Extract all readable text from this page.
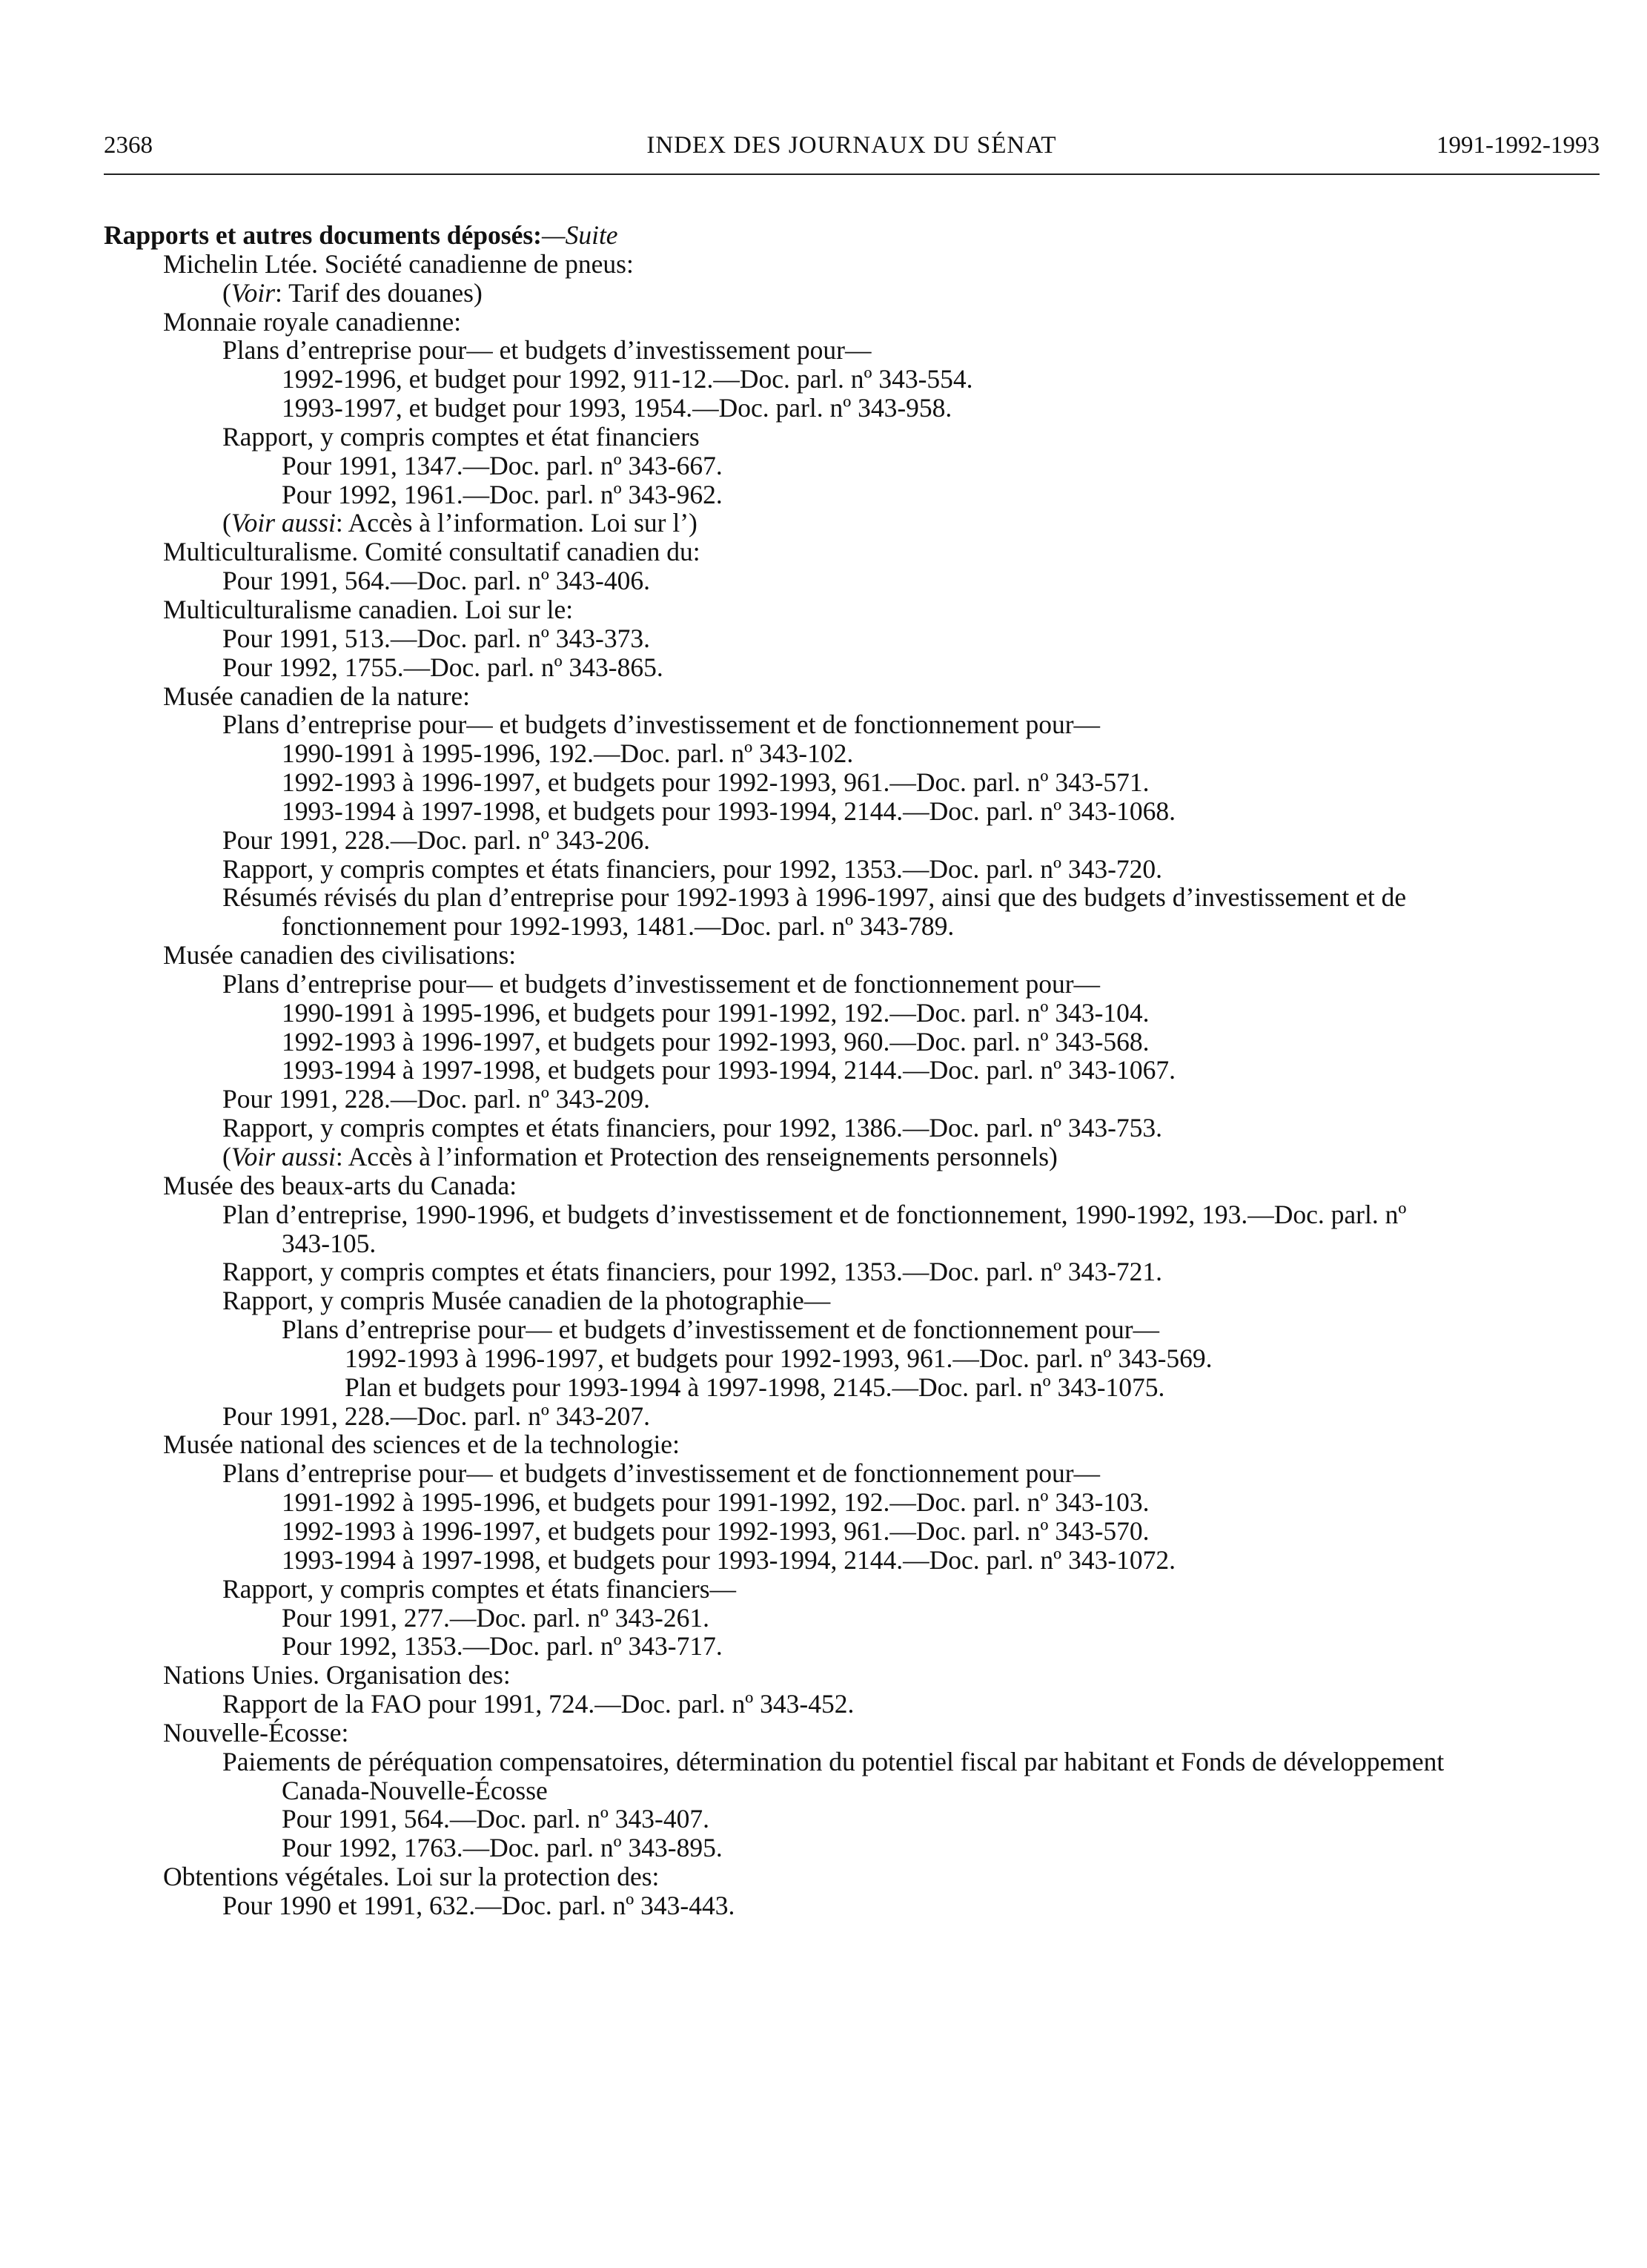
2368	INDEX DES JOURNAUX DU SÉNAT	1991-1992-1993
Rapports et autres documents déposés:—Suite
Michelin Ltée. Société canadienne de pneus:
(Voir: Tarif des douanes)
Monnaie royale canadienne:
Plans d’entreprise pour— et budgets d’investissement pour—
1992-1996, et budget pour 1992, 911-12.—Doc. parl. nº 343-554.
1993-1997, et budget pour 1993, 1954.—Doc. parl. nº 343-958.
Rapport, y compris comptes et état financiers
Pour 1991, 1347.—Doc. parl. nº 343-667.
Pour 1992, 1961.—Doc. parl. nº 343-962.
(Voir aussi: Accès à l’information. Loi sur l’)
Multiculturalisme. Comité consultatif canadien du:
Pour 1991, 564.—Doc. parl. nº 343-406.
Multiculturalisme canadien. Loi sur le:
Pour 1991, 513.—Doc. parl. nº 343-373.
Pour 1992, 1755.—Doc. parl. nº 343-865.
Musée canadien de la nature:
Plans d’entreprise pour— et budgets d’investissement et de fonctionnement pour—
1990-1991 à 1995-1996, 192.—Doc. parl. nº 343-102.
1992-1993 à 1996-1997, et budgets pour 1992-1993, 961.—Doc. parl. nº 343-571.
1993-1994 à 1997-1998, et budgets pour 1993-1994, 2144.—Doc. parl. nº 343-1068.
Pour 1991, 228.—Doc. parl. nº 343-206.
Rapport, y compris comptes et états financiers, pour 1992, 1353.—Doc. parl. nº 343-720.
Résumés révisés du plan d’entreprise pour 1992-1993 à 1996-1997, ainsi que des budgets d’investissement et de
fonctionnement pour 1992-1993, 1481.—Doc. parl. nº 343-789.
Musée canadien des civilisations:
Plans d’entreprise pour— et budgets d’investissement et de fonctionnement pour—
1990-1991 à 1995-1996, et budgets pour 1991-1992, 192.—Doc. parl. nº 343-104.
1992-1993 à 1996-1997, et budgets pour 1992-1993, 960.—Doc. parl. nº 343-568.
1993-1994 à 1997-1998, et budgets pour 1993-1994, 2144.—Doc. parl. nº 343-1067.
Pour 1991, 228.—Doc. parl. nº 343-209.
Rapport, y compris comptes et états financiers, pour 1992, 1386.—Doc. parl. nº 343-753.
(Voir aussi: Accès à l’information et Protection des renseignements personnels)
Musée des beaux-arts du Canada:
Plan d’entreprise, 1990-1996, et budgets d’investissement et de fonctionnement, 1990-1992, 193.—Doc. parl. nº
343-105.
Rapport, y compris comptes et états financiers, pour 1992, 1353.—Doc. parl. nº 343-721.
Rapport, y compris Musée canadien de la photographie—
Plans d’entreprise pour— et budgets d’investissement et de fonctionnement pour—
1992-1993 à 1996-1997, et budgets pour 1992-1993, 961.—Doc. parl. nº 343-569.
Plan et budgets pour 1993-1994 à 1997-1998, 2145.—Doc. parl. nº 343-1075.
Pour 1991, 228.—Doc. parl. nº 343-207.
Musée national des sciences et de la technologie:
Plans d’entreprise pour— et budgets d’investissement et de fonctionnement pour—
1991-1992 à 1995-1996, et budgets pour 1991-1992, 192.—Doc. parl. nº 343-103.
1992-1993 à 1996-1997, et budgets pour 1992-1993, 961.—Doc. parl. nº 343-570.
1993-1994 à 1997-1998, et budgets pour 1993-1994, 2144.—Doc. parl. nº 343-1072.
Rapport, y compris comptes et états financiers—
Pour 1991, 277.—Doc. parl. nº 343-261.
Pour 1992, 1353.—Doc. parl. nº 343-717.
Nations Unies. Organisation des:
Rapport de la FAO pour 1991, 724.—Doc. parl. nº 343-452.
Nouvelle-Écosse:
Paiements de péréquation compensatoires, détermination du potentiel fiscal par habitant et Fonds de développement
Canada-Nouvelle-Écosse
Pour 1991, 564.—Doc. parl. nº 343-407.
Pour 1992, 1763.—Doc. parl. nº 343-895.
Obtentions végétales. Loi sur la protection des:
Pour 1990 et 1991, 632.—Doc. parl. nº 343-443.
